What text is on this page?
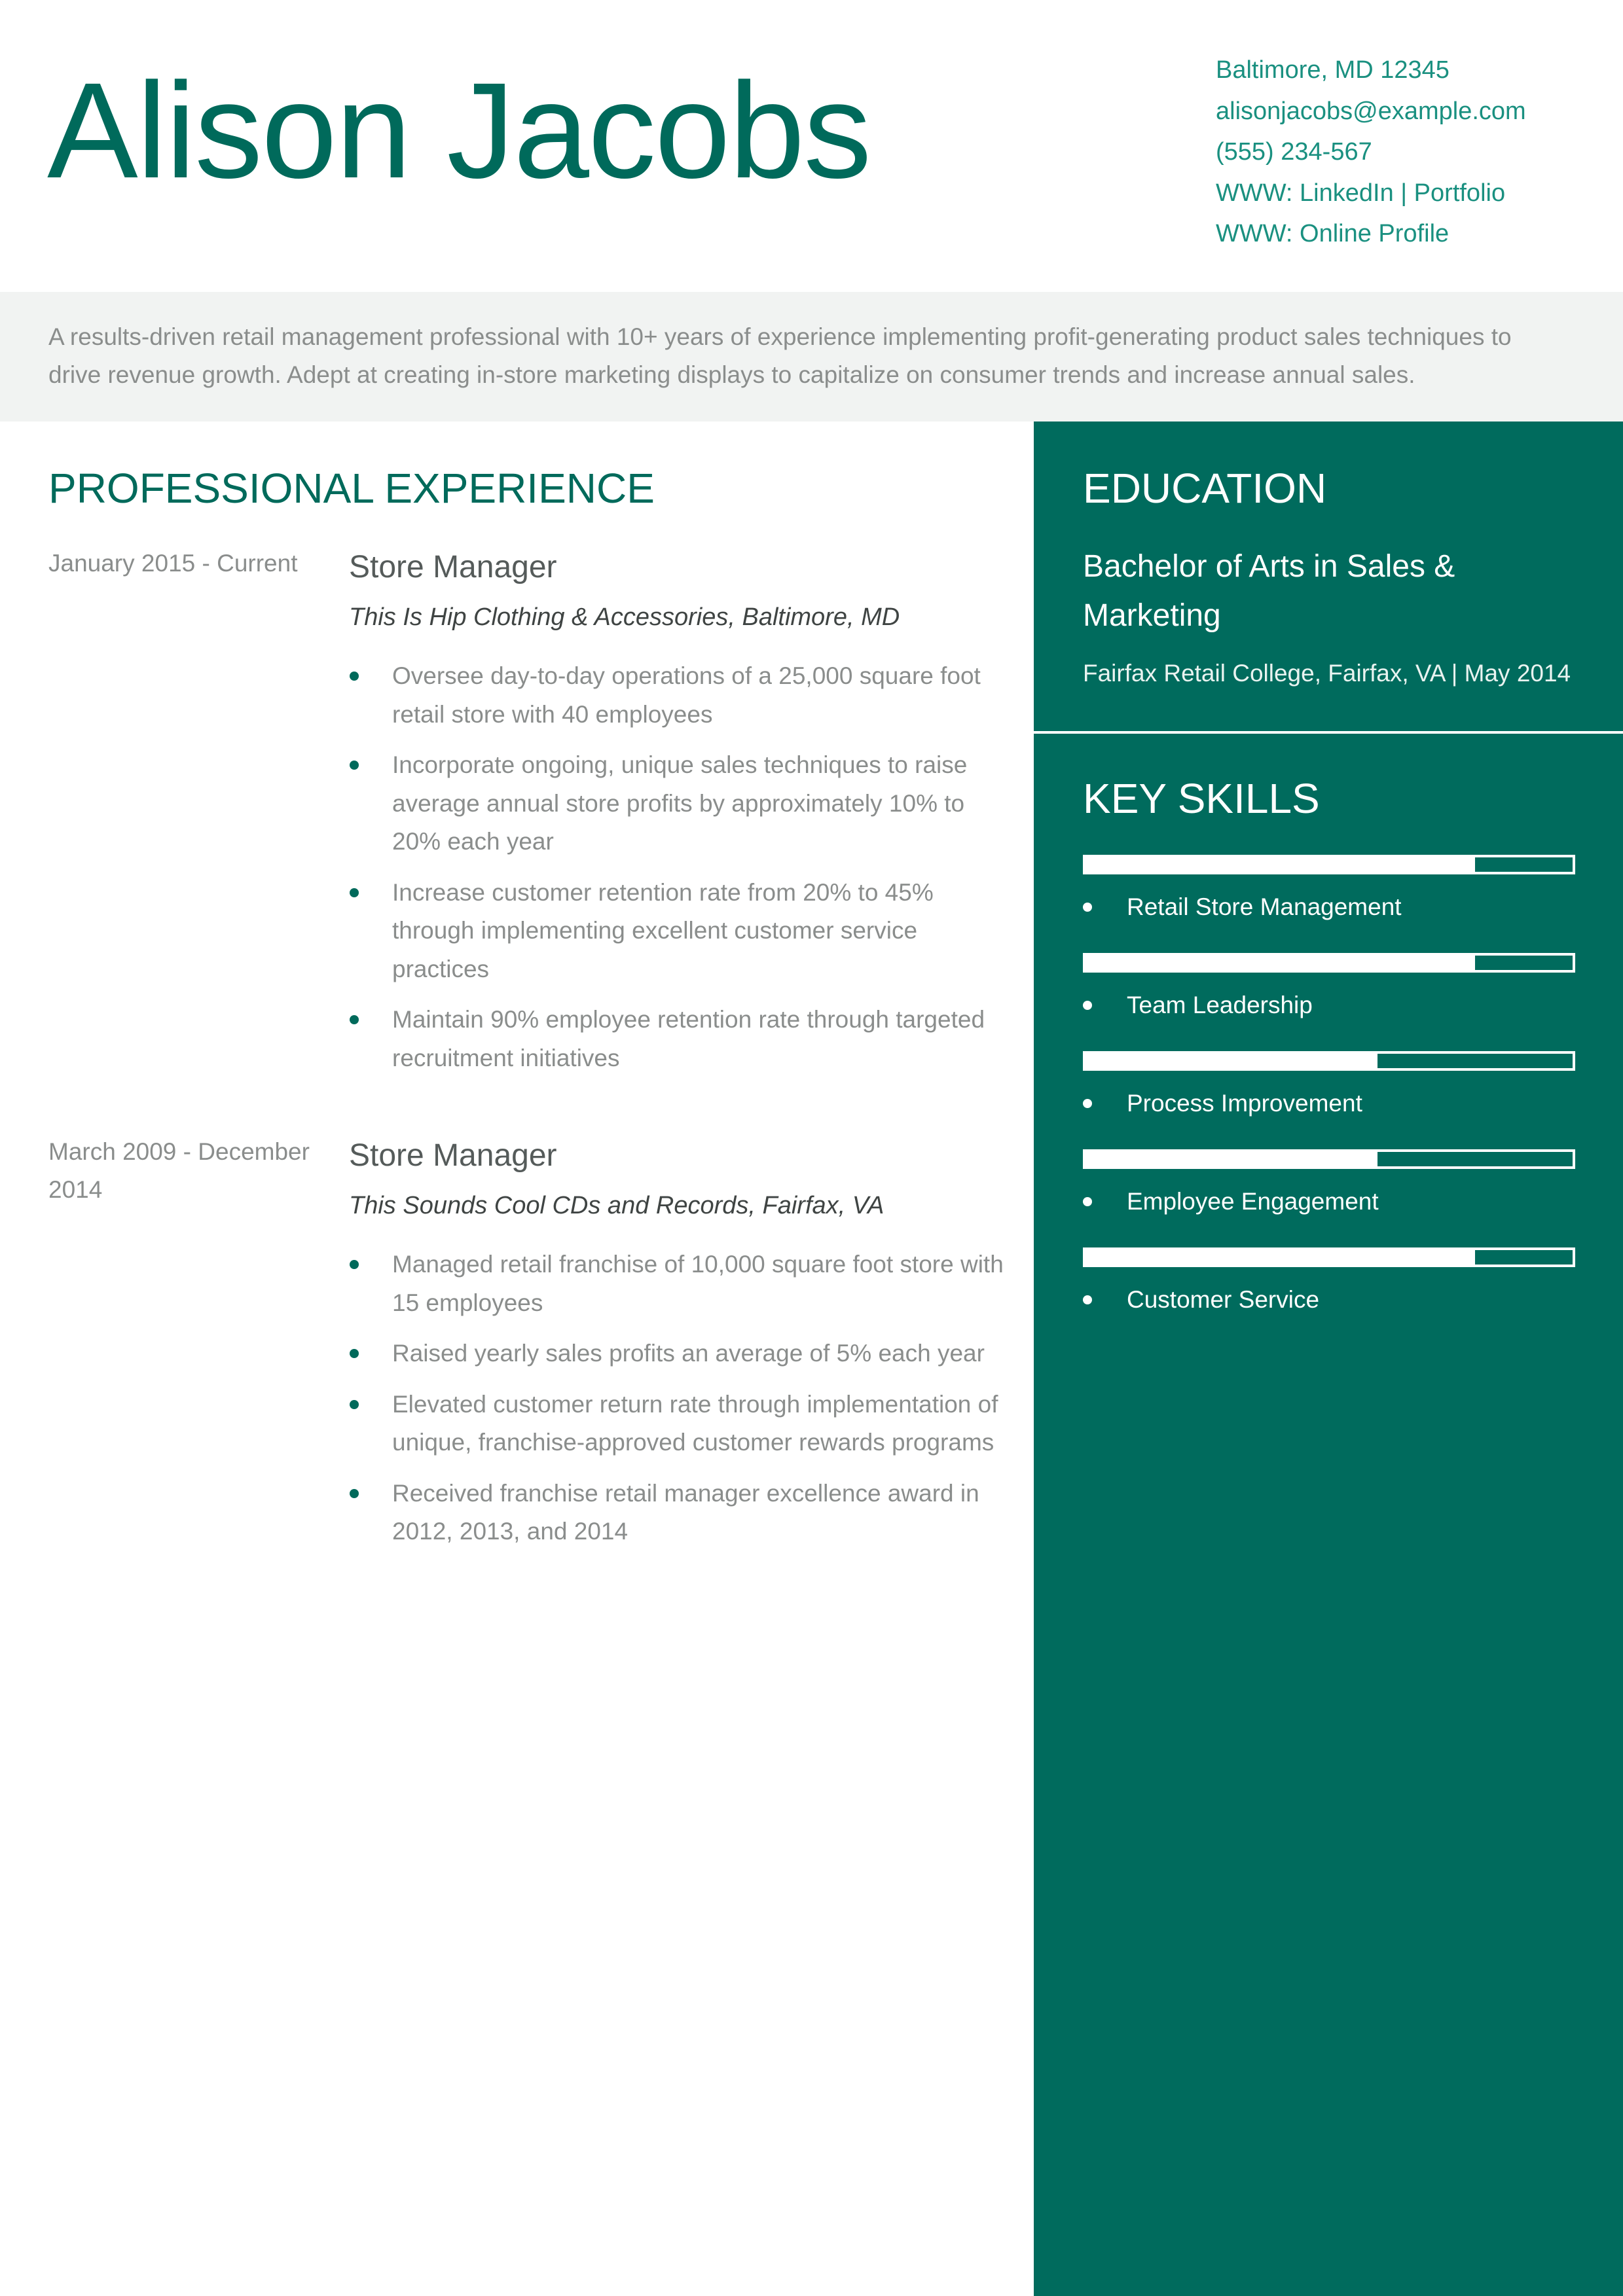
Alison Jacobs	Baltimore, MD 12345
alisonjacobs@example.com
(555) 234-567
WWW: LinkedIn | Portfolio
WWW: Online Profile

A results-driven retail management professional with 10+ years of experience implementing profit-generating product sales techniques to drive revenue growth. Adept at creating in-store marketing displays to capitalize on consumer trends and increase annual sales.

PROFESSIONAL EXPERIENCE
January 2015 - Current	Store Manager
This Is Hip Clothing & Accessories, Baltimore, MD
Oversee day-to-day operations of a 25,000 square foot retail store with 40 employees
Incorporate ongoing, unique sales techniques to raise average annual store profits by approximately 10% to 20% each year
Increase customer retention rate from 20% to 45% through implementing excellent customer service practices
Maintain 90% employee retention rate through targeted recruitment initiatives
March 2009 - December 2014
Store Manager
This Sounds Cool CDs and Records, Fairfax, VA
Managed retail franchise of 10,000 square foot store with 15 employees
Raised yearly sales profits an average of 5% each year
Elevated customer return rate through implementation of unique, franchise-approved customer rewards programs
Received franchise retail manager excellence award in 2012, 2013, and 2014
EDUCATION
Bachelor of Arts in Sales & Marketing
Fairfax Retail College, Fairfax, VA | May 2014
KEY SKILLS
Retail Store Management
Team Leadership
Process Improvement
Employee Engagement
Customer Service
